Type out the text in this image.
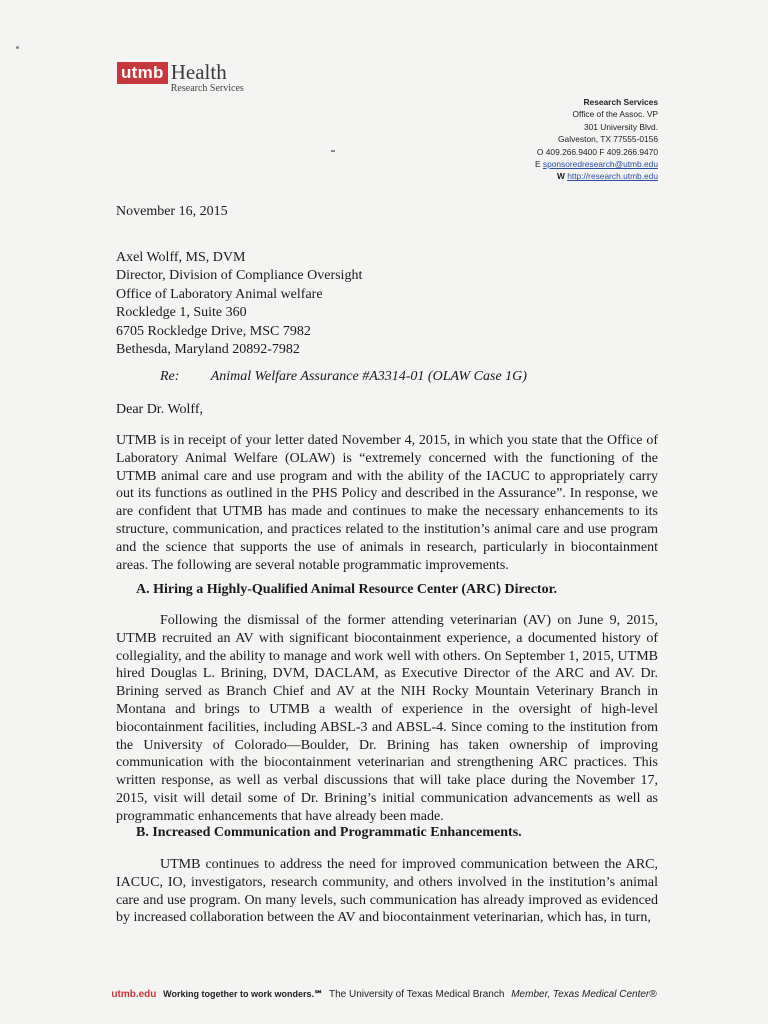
utmb Health
Research Services
Research Services
Office of the Assoc. VP
301 University Blvd.
Galveston, TX 77555-0156
O 409.266.9400 F 409.266.9470
E sponsoredresearch@utmb.edu
W http://research.utmb.edu
November 16, 2015
Axel Wolff, MS, DVM
Director, Division of Compliance Oversight
Office of Laboratory Animal welfare
Rockledge 1, Suite 360
6705 Rockledge Drive, MSC 7982
Bethesda, Maryland 20892-7982
Re: Animal Welfare Assurance #A3314-01 (OLAW Case 1G)
Dear Dr. Wolff,

UTMB is in receipt of your letter dated November 4, 2015, in which you state that the Office of Laboratory Animal Welfare (OLAW) is “extremely concerned with the functioning of the UTMB animal care and use program and with the ability of the IACUC to appropriately carry out its functions as outlined in the PHS Policy and described in the Assurance”. In response, we are confident that UTMB has made and continues to make the necessary enhancements to its structure, communication, and practices related to the institution’s animal care and use program and the science that supports the use of animals in research, particularly in biocontainment areas. The following are several notable programmatic improvements.

A. Hiring a Highly-Qualified Animal Resource Center (ARC) Director.

Following the dismissal of the former attending veterinarian (AV) on June 9, 2015, UTMB recruited an AV with significant biocontainment experience, a documented history of collegiality, and the ability to manage and work well with others. On September 1, 2015, UTMB hired Douglas L. Brining, DVM, DACLAM, as Executive Director of the ARC and AV. Dr. Brining served as Branch Chief and AV at the NIH Rocky Mountain Veterinary Branch in Montana and brings to UTMB a wealth of experience in the oversight of high-level biocontainment facilities, including ABSL-3 and ABSL-4. Since coming to the institution from the University of Colorado—Boulder, Dr. Brining has taken ownership of improving communication with the biocontainment veterinarian and strengthening ARC practices. This written response, as well as verbal discussions that will take place during the November 17, 2015, visit will detail some of Dr. Brining’s initial communication advancements as well as programmatic enhancements that have already been made.

B. Increased Communication and Programmatic Enhancements.

UTMB continues to address the need for improved communication between the ARC, IACUC, IO, investigators, research community, and others involved in the institution’s animal care and use program. On many levels, such communication has already improved as evidenced by increased collaboration between the AV and biocontainment veterinarian, which has, in turn,

utmb.edu Working together to work wonders.℠ The University of Texas Medical Branch Member, Texas Medical Center®
